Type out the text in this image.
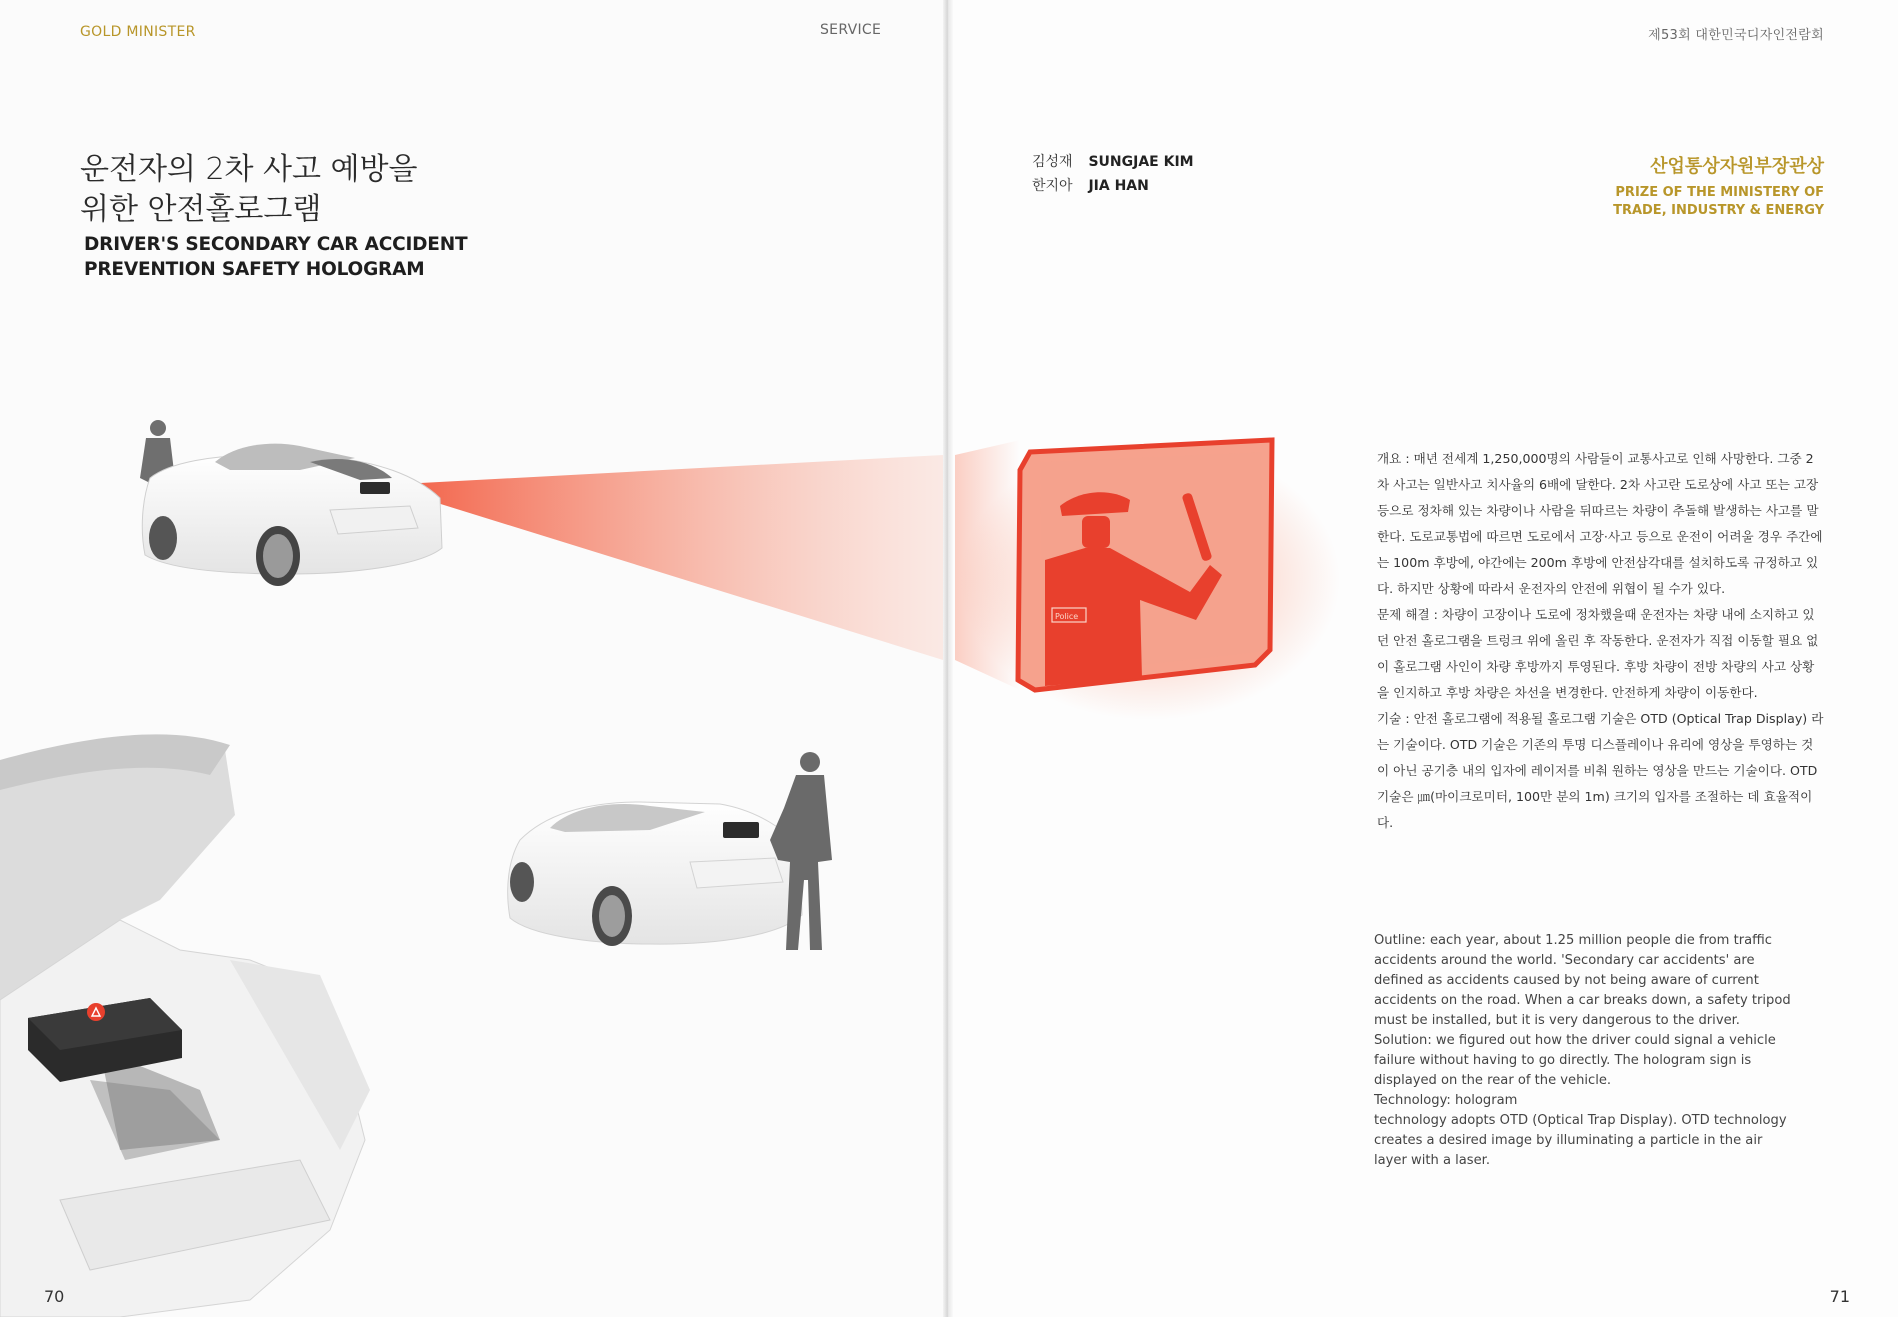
Police
GOLD MINISTER	SERVICE	제53회 대한민국디자인전람회
운전자의 2차 사고 예방을
위한 안전홀로그램
DRIVER'S SECONDARY CAR ACCIDENT
PREVENTION SAFETY HOLOGRAM
김성재 SUNGJAE KIM
한지아 JIA HAN
산업통상자원부장관상
PRIZE OF THE MINISTERY OF
TRADE, INDUSTRY & ENERGY

개요 : 매년 전세계 1,250,000명의 사람들이 교통사고로 인해 사망한다. 그중 2차 사고는 일반사고 치사율의 6배에 달한다. 2차 사고란 도로상에 사고 또는 고장 등으로 정차해 있는 차량이나 사람을 뒤따르는 차량이 추돌해 발생하는 사고를 말한다. 도로교통법에 따르면 도로에서 고장·사고 등으로 운전이 어려울 경우 주간에는 100m 후방에, 야간에는 200m 후방에 안전삼각대를 설치하도록 규정하고 있다. 하지만 상황에 따라서 운전자의 안전에 위협이 될 수가 있다.

문제 해결 : 차량이 고장이나 도로에 정차했을때 운전자는 차량 내에 소지하고 있던 안전 홀로그램을 트렁크 위에 올린 후 작동한다. 운전자가 직접 이동할 필요 없이 홀로그램 사인이 차량 후방까지 투영된다. 후방 차량이 전방 차량의 사고 상황을 인지하고 후방 차량은 차선을 변경한다. 안전하게 차량이 이동한다.

기술 : 안전 홀로그램에 적용될 홀로그램 기술은 OTD (Optical Trap Display) 라는 기술이다. OTD 기술은 기존의 투명 디스플레이나 유리에 영상을 투영하는 것이 아닌 공기층 내의 입자에 레이저를 비춰 원하는 영상을 만드는 기술이다. OTD 기술은 ㎛(마이크로미터, 100만 분의 1m) 크기의 입자를 조절하는 데 효율적이다.

Outline: each year, about 1.25 million people die from traffic accidents around the world. 'Secondary car accidents' are defined as accidents caused by not being aware of current accidents on the road. When a car breaks down, a safety tripod must be installed, but it is very dangerous to the driver.

Solution: we figured out how the driver could signal a vehicle failure without having to go directly. The hologram sign is displayed on the rear of the vehicle.

Technology: hologram

technology adopts OTD (Optical Trap Display). OTD technology creates a desired image by illuminating a particle in the air layer with a laser.

70	71
